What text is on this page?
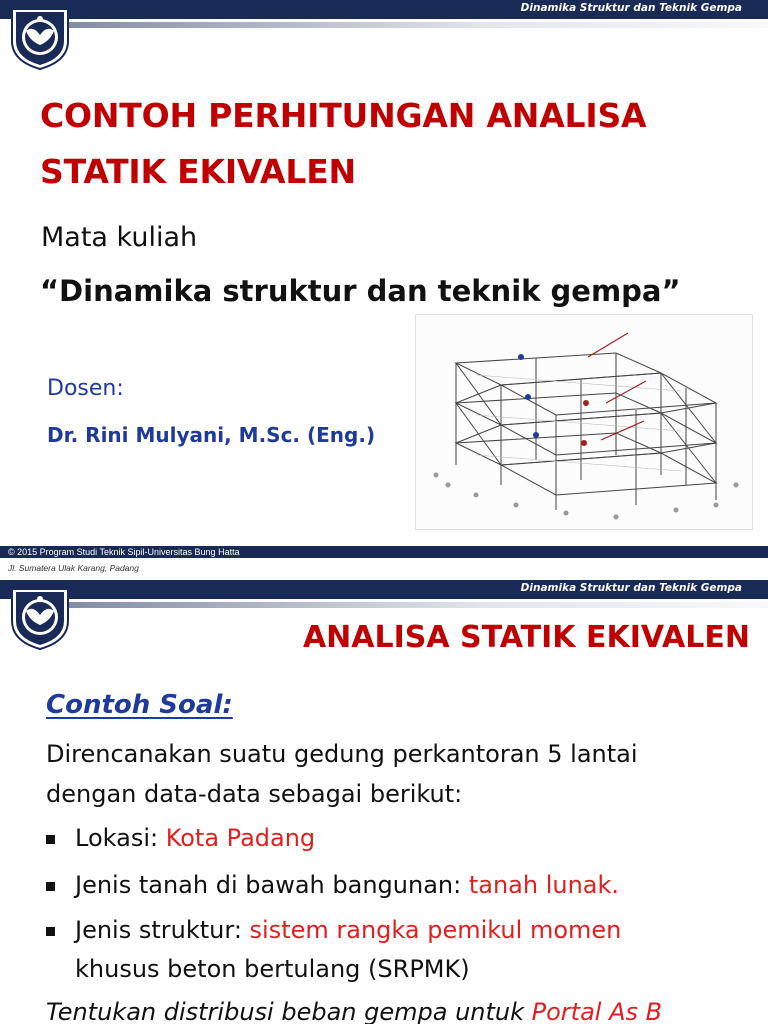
Dinamika Struktur dan Teknik Gempa
CONTOH PERHITUNGAN ANALISA
STATIK EKIVALEN
Mata kuliah
“Dinamika struktur dan teknik gempa”
Dosen:
Dr. Rini Mulyani, M.Sc. (Eng.)
© 2015 Program Studi Teknik Sipil-Universitas Bung Hatta
Jl. Sumatera Ulak Karang, Padang
Dinamika Struktur dan Teknik Gempa
ANALISA STATIK EKIVALEN
Contoh Soal:
Direncanakan suatu gedung perkantoran 5 lantai
dengan data-data sebagai berikut:
Lokasi: Kota Padang
Jenis tanah di bawah bangunan: tanah lunak.
Jenis struktur: sistem rangka pemikul momen
khusus beton bertulang (SRPMK)
Tentukan distribusi beban gempa untuk Portal As B
